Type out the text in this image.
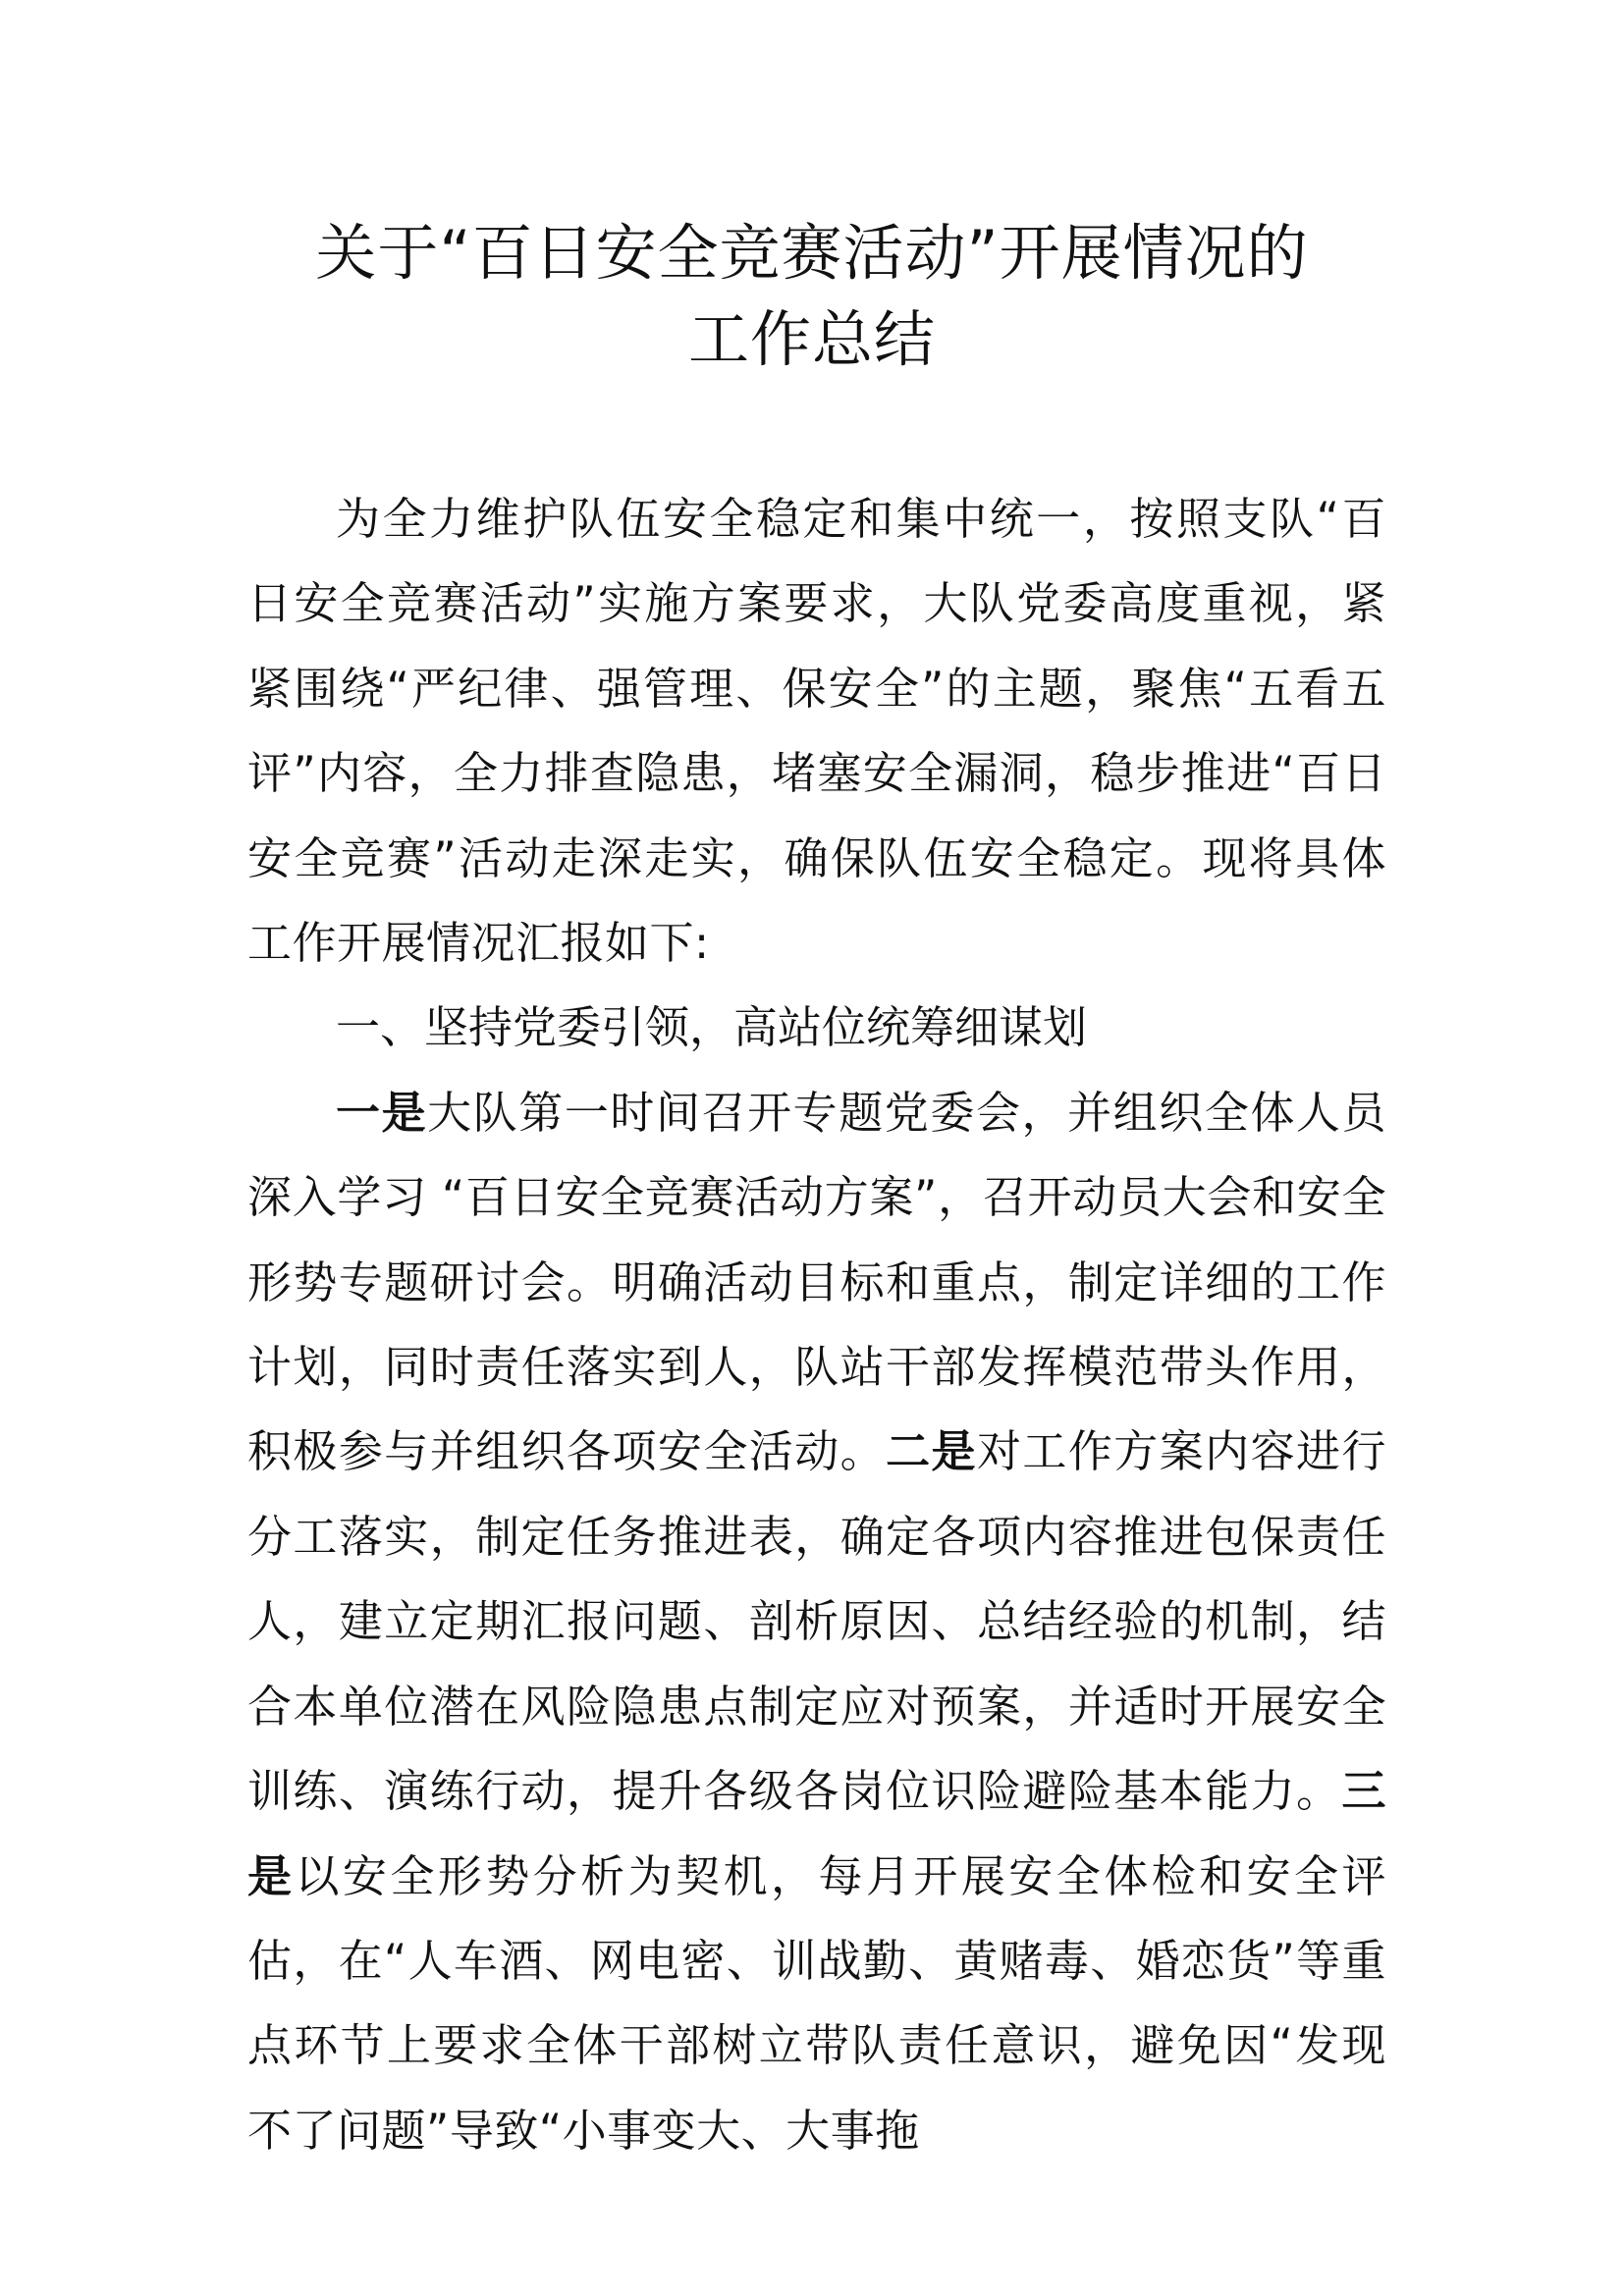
关于“百日安全竞赛活动”开展情况的
工作总结

为全力维护队伍安全稳定和集中统一，按照支队“百日安全竞赛活动”实施方案要求，大队党委高度重视，紧紧围绕“严纪律、强管理、保安全”的主题，聚焦“五看五评”内容，全力排查隐患，堵塞安全漏洞，稳步推进“百日安全竞赛”活动走深走实，确保队伍安全稳定。现将具体工作开展情况汇报如下:

一、坚持党委引领，高站位统筹细谋划

一是大队第一时间召开专题党委会，并组织全体人员深入学习 “百日安全竞赛活动方案”，召开动员大会和安全形势专题研讨会。明确活动目标和重点，制定详细的工作计划，同时责任落实到人，队站干部发挥模范带头作用，积极参与并组织各项安全活动。二是对工作方案内容进行分工落实，制定任务推进表，确定各项内容推进包保责任人，建立定期汇报问题、剖析原因、总结经验的机制，结合本单位潜在风险隐患点制定应对预案，并适时开展安全训练、演练行动，提升各级各岗位识险避险基本能力。三是以安全形势分析为契机，每月开展安全体检和安全评估，在“人车酒、网电密、训战勤、黄赌毒、婚恋货”等重点环节上要求全体干部树立带队责任意识，避免因“发现不了问题”导致“小事变大、大事拖
